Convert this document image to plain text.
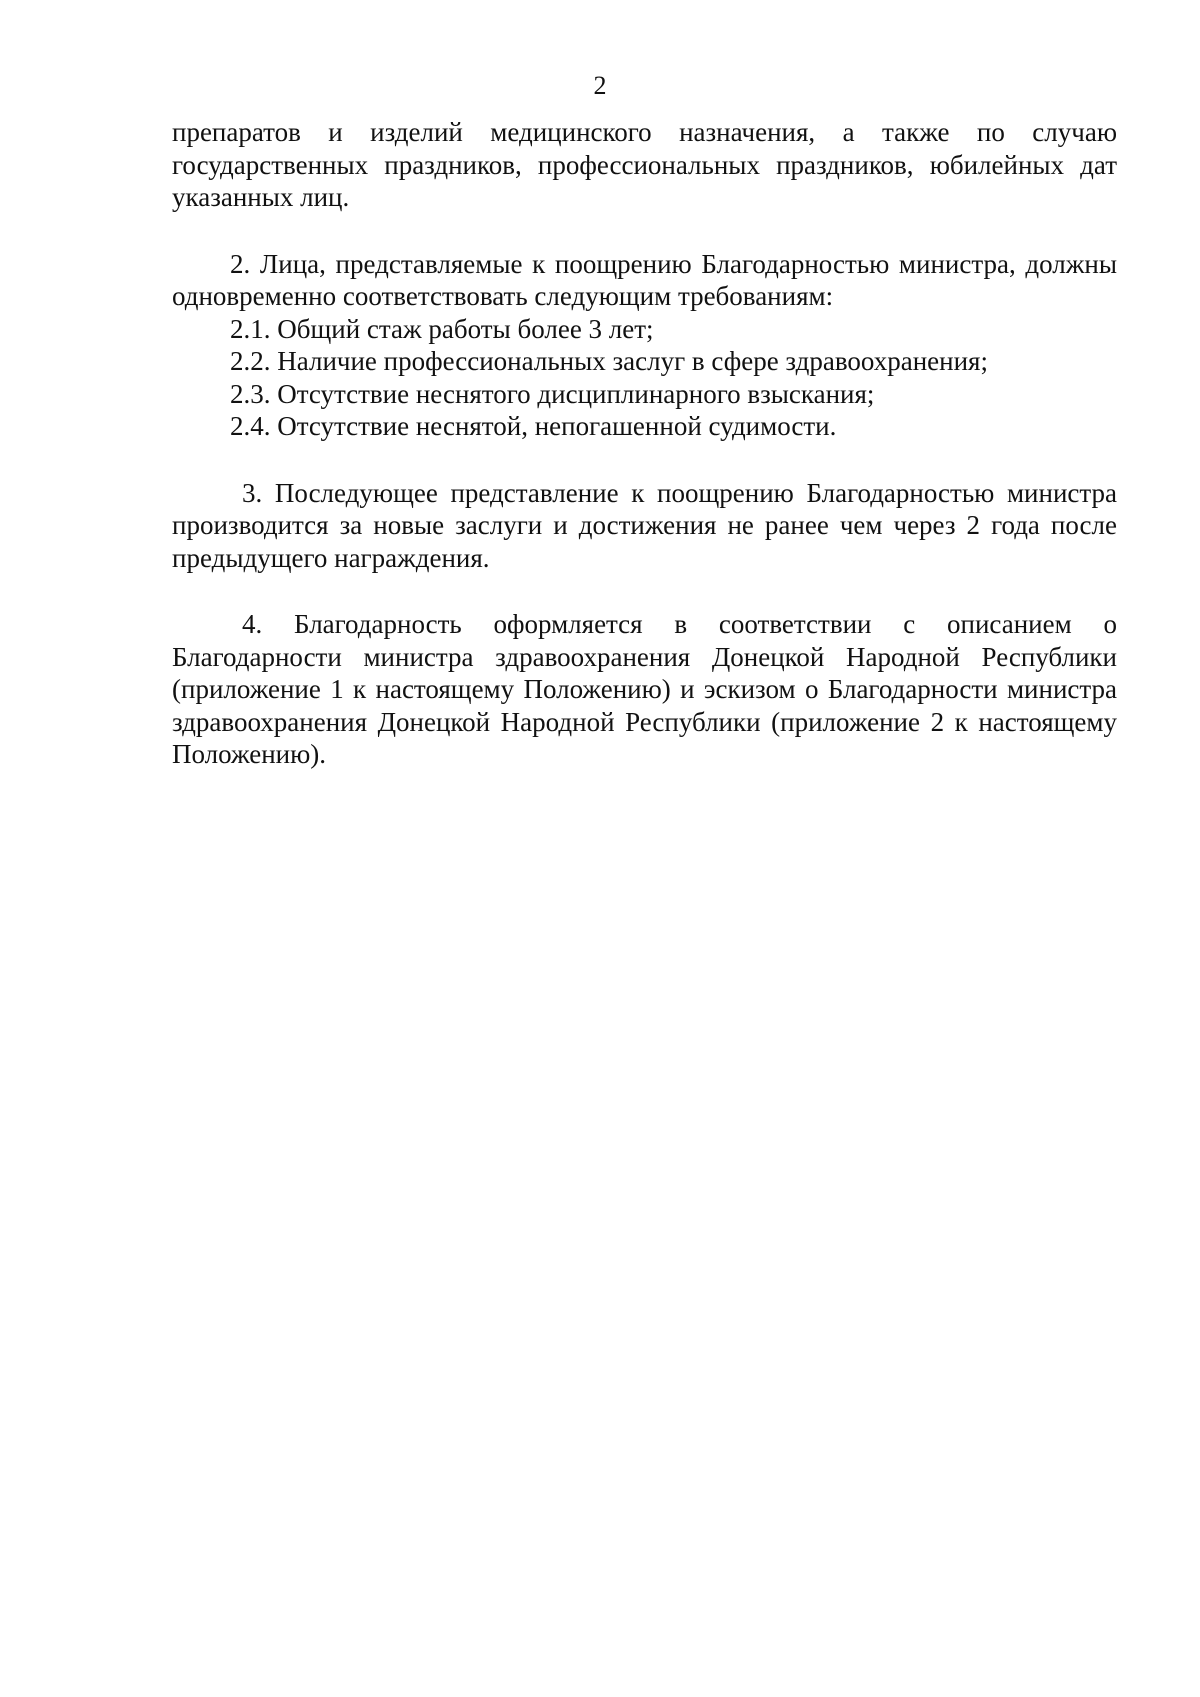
2

препаратов и изделий медицинского назначения, а также по случаю государственных праздников, профессиональных праздников, юбилейных дат указанных лиц.

2. Лица, представляемые к поощрению Благодарностью министра, должны одновременно соответствовать следующим требованиям:

2.1. Общий стаж работы более 3 лет;

2.2. Наличие профессиональных заслуг в сфере здравоохранения;

2.3. Отсутствие неснятого дисциплинарного взыскания;

2.4. Отсутствие неснятой, непогашенной судимости.

3. Последующее представление к поощрению Благодарностью министра производится за новые заслуги и достижения не ранее чем через 2 года после предыдущего награждения.

4. Благодарность оформляется в соответствии с описанием о Благодарности министра здравоохранения Донецкой Народной Республики (приложение 1 к настоящему Положению) и эскизом о Благодарности министра здравоохранения Донецкой Народной Республики (приложение 2 к настоящему Положению).
